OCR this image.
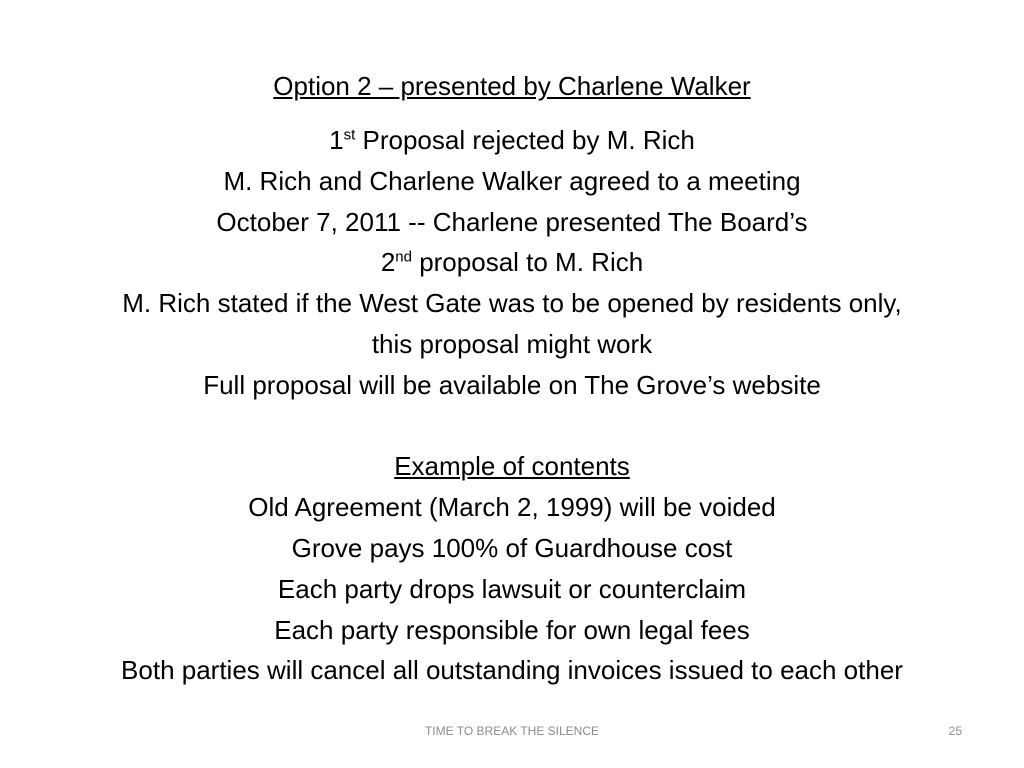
Option 2 – presented by Charlene Walker

1st Proposal rejected by M. Rich

M. Rich and Charlene Walker agreed to a meeting

October 7, 2011 -- Charlene presented The Board’s

2nd proposal to M. Rich

M. Rich stated if the West Gate was to be opened by residents only,

this proposal might work

Full proposal will be available on The Grove’s website

Example of contents

Old Agreement (March 2, 1999) will be voided

Grove pays 100% of Guardhouse cost

Each party drops lawsuit or counterclaim

Each party responsible for own legal fees

Both parties will cancel all outstanding invoices issued to each other

TIME TO BREAK THE SILENCE	25
